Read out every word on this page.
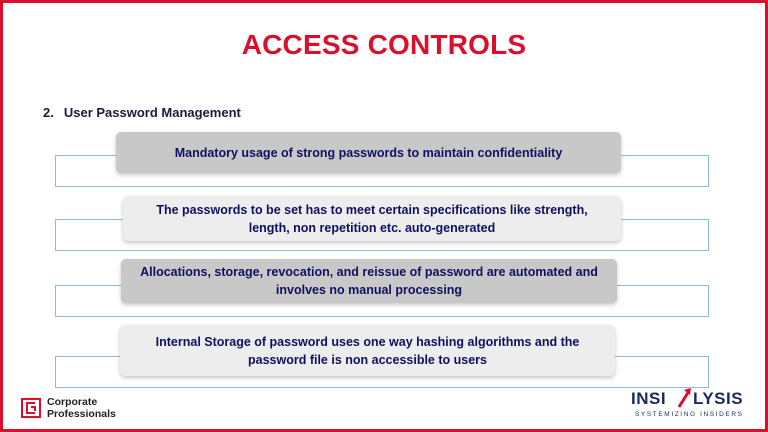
ACCESS CONTROLS
2. User Password Management
Mandatory usage of strong passwords to maintain confidentiality
The passwords to be set has to meet certain specifications like strength, length, non repetition etc. auto-generated
Allocations, storage, revocation, and reissue of password are automated and involves no manual processing
Internal Storage of password uses one way hashing algorithms and the password file is non accessible to users
Corporate
Professionals
INSI LYSIS
SYSTEMIZING INSIDERS
